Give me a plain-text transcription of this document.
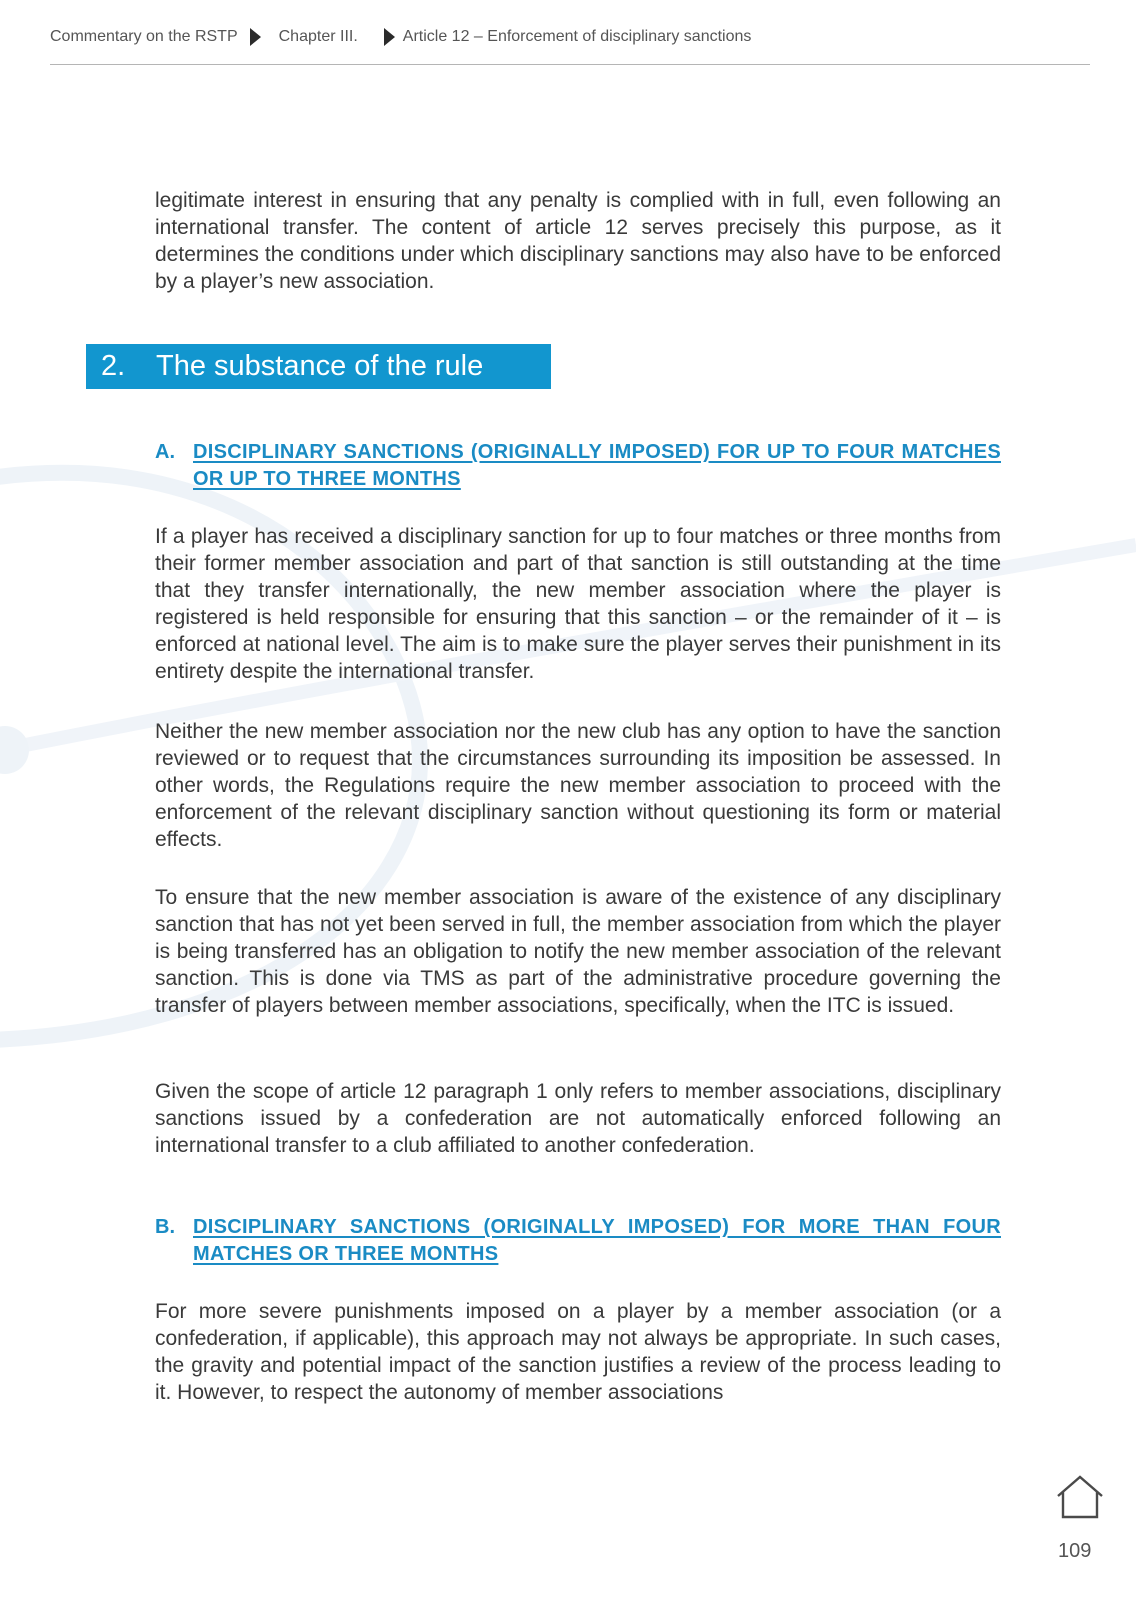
Commentary on the RSTP	Chapter III.	Article 12 – Enforcement of disciplinary sanctions

legitimate interest in ensuring that any penalty is complied with in full, even following an international transfer. The content of article 12 serves precisely this purpose, as it determines the conditions under which disciplinary sanctions may also have to be enforced by a player’s new association.

2.	The substance of the rule
A. DISCIPLINARY SANCTIONS (ORIGINALLY IMPOSED) FOR UP TO FOUR MATCHES OR UP TO THREE MONTHS

If a player has received a disciplinary sanction for up to four matches or three months from their former member association and part of that sanction is still outstanding at the time that they transfer internationally, the new member association where the player is registered is held responsible for ensuring that this sanction – or the remainder of it – is enforced at national level. The aim is to make sure the player serves their punishment in its entirety despite the international transfer.

Neither the new member association nor the new club has any option to have the sanction reviewed or to request that the circumstances surrounding its imposition be assessed. In other words, the Regulations require the new member association to proceed with the enforcement of the relevant disciplinary sanction without questioning its form or material effects.

To ensure that the new member association is aware of the existence of any disciplinary sanction that has not yet been served in full, the member association from which the player is being transferred has an obligation to notify the new member association of the relevant sanction. This is done via TMS as part of the administrative procedure governing the transfer of players between member associations, specifically, when the ITC is issued.

Given the scope of article 12 paragraph 1 only refers to member associations, disciplinary sanctions issued by a confederation are not automatically enforced following an international transfer to a club affiliated to another confederation.

B. DISCIPLINARY SANCTIONS (ORIGINALLY IMPOSED) FOR MORE THAN FOUR MATCHES OR THREE MONTHS

For more severe punishments imposed on a player by a member association (or a confederation, if applicable), this approach may not always be appropriate. In such cases, the gravity and potential impact of the sanction justifies a review of the process leading to it. However, to respect the autonomy of member associations

109
